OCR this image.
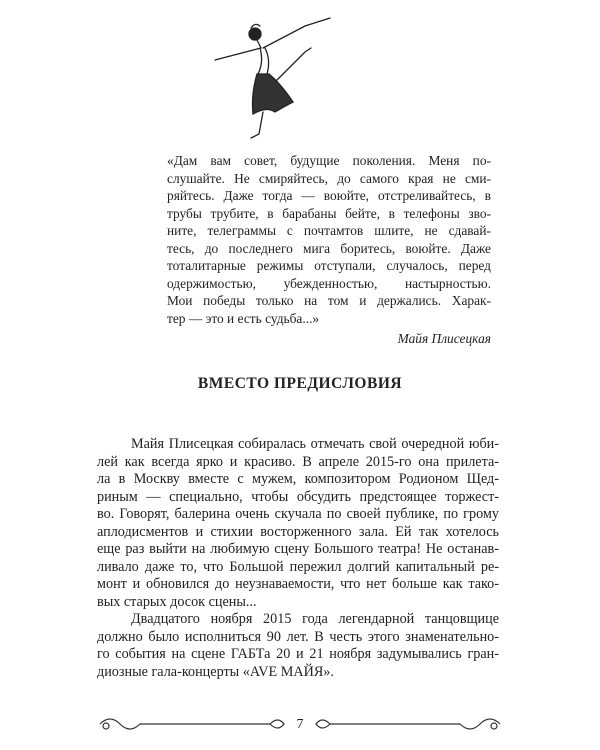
«Дам вам совет, будущие поколения. Меня по-
слушайте. Не смиряйтесь, до самого края не сми-
ряйтесь. Даже тогда — воюйте, отстреливайтесь, в
трубы трубите, в барабаны бейте, в телефоны зво-
ните, телеграммы с почтамтов шлите, не сдавай-
тесь, до последнего мига боритесь, воюйте. Даже
тоталитарные режимы отступали, случалось, перед
одержимостью, убежденностью, настырностью.
Мои победы только на том и держались. Харак-
тер — это и есть судьба...»
Майя Плисецкая
ВМЕСТО ПРЕДИСЛОВИЯ
Майя Плисецкая собиралась отмечать свой очередной юби-
лей как всегда ярко и красиво. В апреле 2015-го она прилета-
ла в Москву вместе с мужем, композитором Родионом Щед-
риным — специально, чтобы обсудить предстоящее торжест-
во. Говорят, балерина очень скучала по своей публике, по грому
аплодисментов и стихии восторженного зала. Ей так хотелось
еще раз выйти на любимую сцену Большого театра! Не останав-
ливало даже то, что Большой пережил долгий капитальный ре-
монт и обновился до неузнаваемости, что нет больше как тако-
вых старых досок сцены...
Двадцатого ноября 2015 года легендарной танцовщице
должно было исполниться 90 лет. В честь этого знаменательно-
го события на сцене ГАБТа 20 и 21 ноября задумывались гран-
диозные гала-концерты «AVE МАЙЯ».
7
